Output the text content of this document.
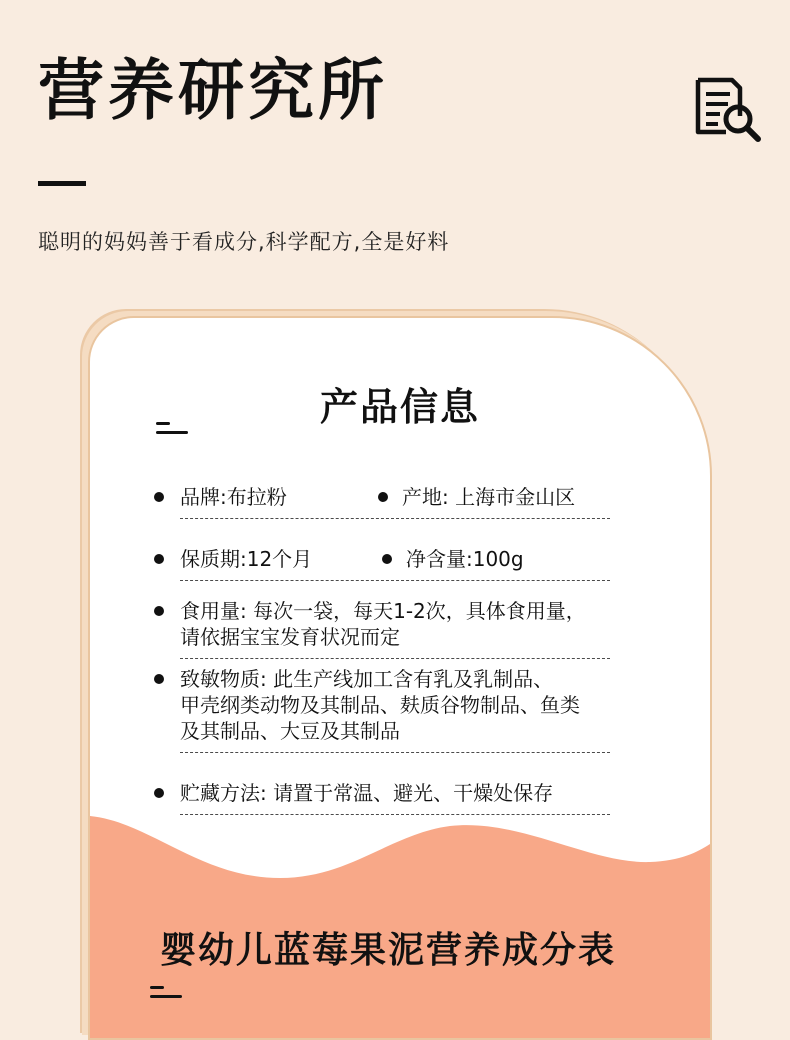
营养研究所
聪明的妈妈善于看成分,科学配方,全是好料
产品信息
品牌:布拉粉	产地: 上海市金山区
保质期:12个月	净含量:100g
食用量: 每次一袋，每天1-2次，具体食用量，
请依据宝宝发育状况而定
致敏物质: 此生产线加工含有乳及乳制品、
甲壳纲类动物及其制品、麸质谷物制品、鱼类
及其制品、大豆及其制品
贮藏方法: 请置于常温、避光、干燥处保存
婴幼儿蓝莓果泥营养成分表
